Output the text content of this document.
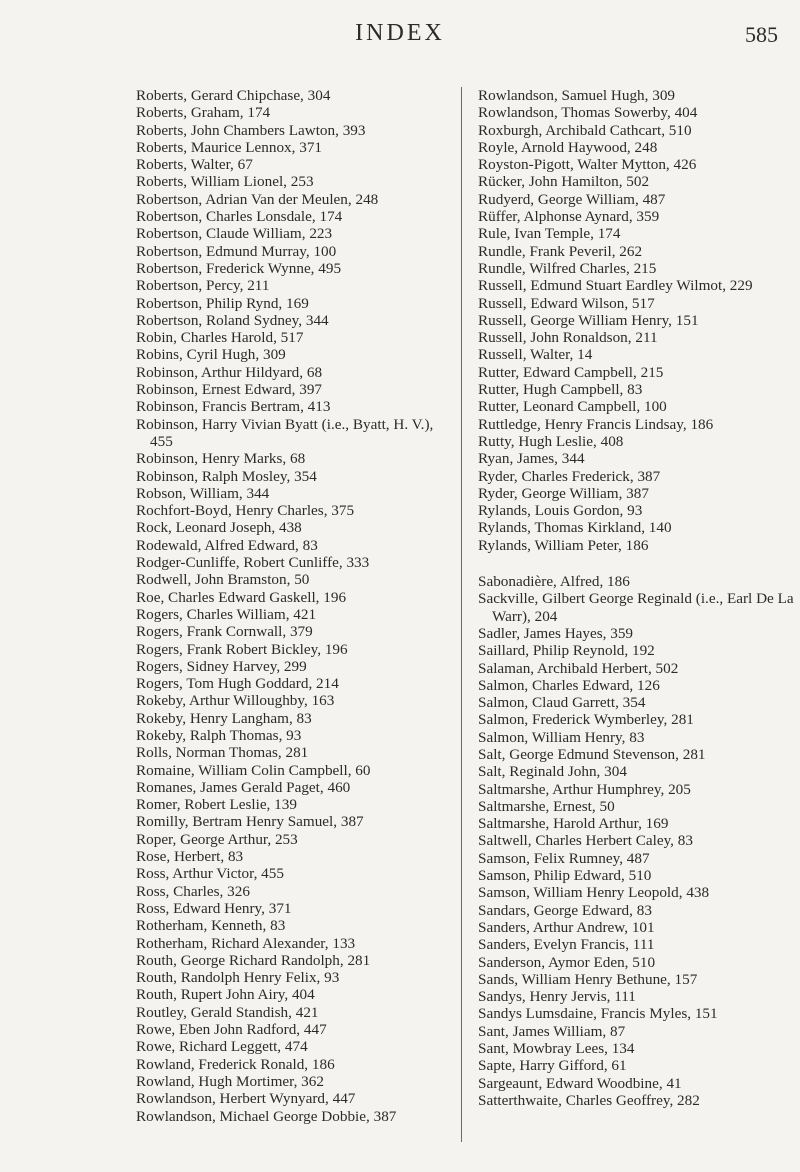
INDEX	585
Roberts, Gerard Chipchase, 304
Roberts, Graham, 174
Roberts, John Chambers Lawton, 393
Roberts, Maurice Lennox, 371
Roberts, Walter, 67
Roberts, William Lionel, 253
Robertson, Adrian Van der Meulen, 248
Robertson, Charles Lonsdale, 174
Robertson, Claude William, 223
Robertson, Edmund Murray, 100
Robertson, Frederick Wynne, 495
Robertson, Percy, 211
Robertson, Philip Rynd, 169
Robertson, Roland Sydney, 344
Robin, Charles Harold, 517
Robins, Cyril Hugh, 309
Robinson, Arthur Hildyard, 68
Robinson, Ernest Edward, 397
Robinson, Francis Bertram, 413
Robinson, Harry Vivian Byatt (i.e., Byatt, H. V.), 455
Robinson, Henry Marks, 68
Robinson, Ralph Mosley, 354
Robson, William, 344
Rochfort-Boyd, Henry Charles, 375
Rock, Leonard Joseph, 438
Rodewald, Alfred Edward, 83
Rodger-Cunliffe, Robert Cunliffe, 333
Rodwell, John Bramston, 50
Roe, Charles Edward Gaskell, 196
Rogers, Charles William, 421
Rogers, Frank Cornwall, 379
Rogers, Frank Robert Bickley, 196
Rogers, Sidney Harvey, 299
Rogers, Tom Hugh Goddard, 214
Rokeby, Arthur Willoughby, 163
Rokeby, Henry Langham, 83
Rokeby, Ralph Thomas, 93
Rolls, Norman Thomas, 281
Romaine, William Colin Campbell, 60
Romanes, James Gerald Paget, 460
Romer, Robert Leslie, 139
Romilly, Bertram Henry Samuel, 387
Roper, George Arthur, 253
Rose, Herbert, 83
Ross, Arthur Victor, 455
Ross, Charles, 326
Ross, Edward Henry, 371
Rotherham, Kenneth, 83
Rotherham, Richard Alexander, 133
Routh, George Richard Randolph, 281
Routh, Randolph Henry Felix, 93
Routh, Rupert John Airy, 404
Routley, Gerald Standish, 421
Rowe, Eben John Radford, 447
Rowe, Richard Leggett, 474
Rowland, Frederick Ronald, 186
Rowland, Hugh Mortimer, 362
Rowlandson, Herbert Wynyard, 447
Rowlandson, Michael George Dobbie, 387
Rowlandson, Samuel Hugh, 309
Rowlandson, Thomas Sowerby, 404
Roxburgh, Archibald Cathcart, 510
Royle, Arnold Haywood, 248
Royston-Pigott, Walter Mytton, 426
Rücker, John Hamilton, 502
Rudyerd, George William, 487
Rüffer, Alphonse Aynard, 359
Rule, Ivan Temple, 174
Rundle, Frank Peveril, 262
Rundle, Wilfred Charles, 215
Russell, Edmund Stuart Eardley Wilmot, 229
Russell, Edward Wilson, 517
Russell, George William Henry, 151
Russell, John Ronaldson, 211
Russell, Walter, 14
Rutter, Edward Campbell, 215
Rutter, Hugh Campbell, 83
Rutter, Leonard Campbell, 100
Ruttledge, Henry Francis Lindsay, 186
Rutty, Hugh Leslie, 408
Ryan, James, 344
Ryder, Charles Frederick, 387
Ryder, George William, 387
Rylands, Louis Gordon, 93
Rylands, Thomas Kirkland, 140
Rylands, William Peter, 186
Sabonadière, Alfred, 186
Sackville, Gilbert George Reginald (i.e., Earl De La Warr), 204
Sadler, James Hayes, 359
Saillard, Philip Reynold, 192
Salaman, Archibald Herbert, 502
Salmon, Charles Edward, 126
Salmon, Claud Garrett, 354
Salmon, Frederick Wymberley, 281
Salmon, William Henry, 83
Salt, George Edmund Stevenson, 281
Salt, Reginald John, 304
Saltmarshe, Arthur Humphrey, 205
Saltmarshe, Ernest, 50
Saltmarshe, Harold Arthur, 169
Saltwell, Charles Herbert Caley, 83
Samson, Felix Rumney, 487
Samson, Philip Edward, 510
Samson, William Henry Leopold, 438
Sandars, George Edward, 83
Sanders, Arthur Andrew, 101
Sanders, Evelyn Francis, 111
Sanderson, Aymor Eden, 510
Sands, William Henry Bethune, 157
Sandys, Henry Jervis, 111
Sandys Lumsdaine, Francis Myles, 151
Sant, James William, 87
Sant, Mowbray Lees, 134
Sapte, Harry Gifford, 61
Sargeaunt, Edward Woodbine, 41
Satterthwaite, Charles Geoffrey, 282
